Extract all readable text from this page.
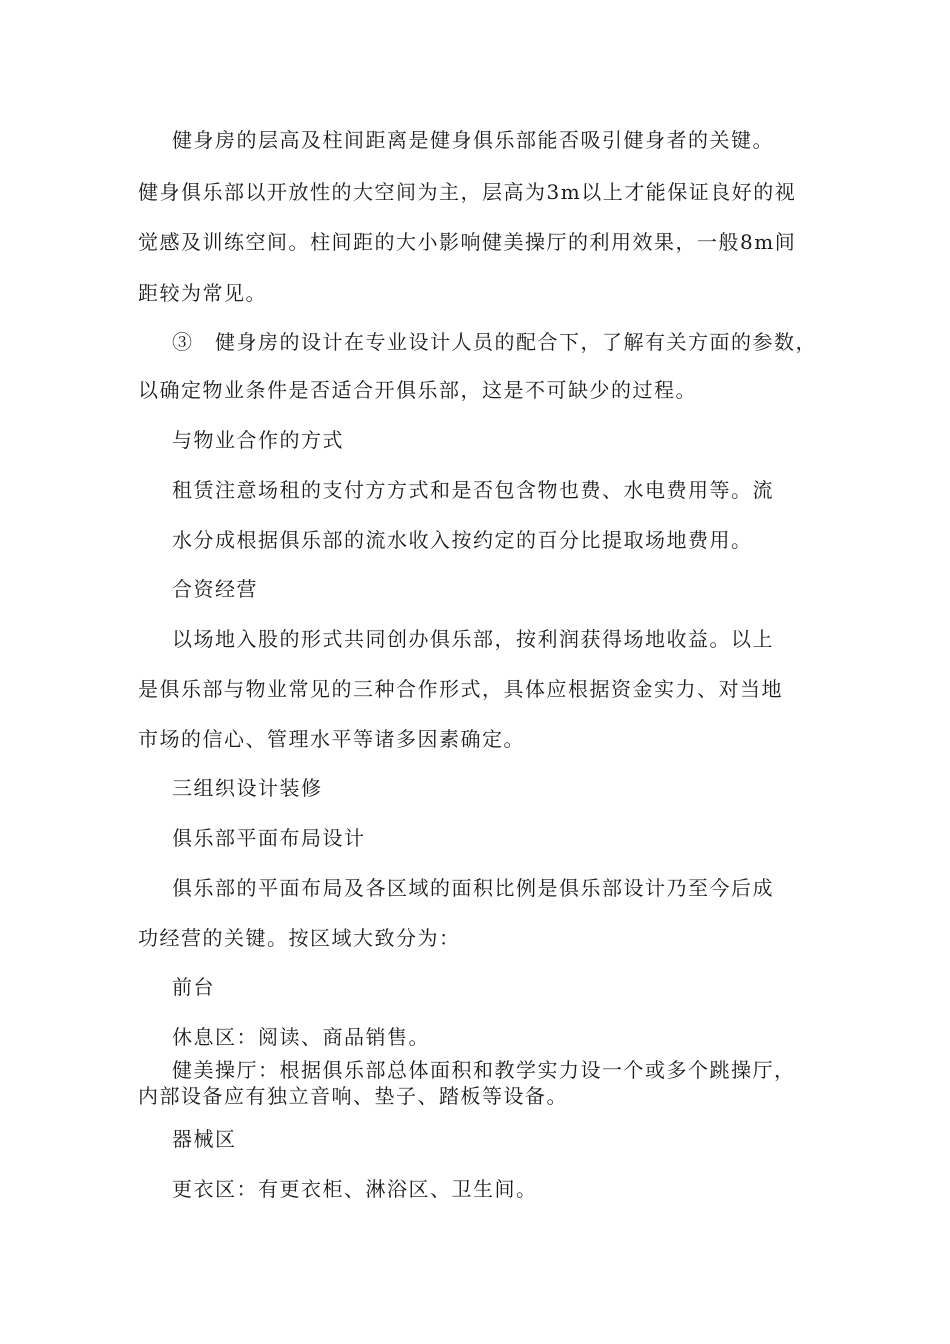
健身房的层高及柱间距离是健身俱乐部能否吸引健身者的关键。
健身俱乐部以开放性的大空间为主，层高为3m以上才能保证良好的视
觉感及训练空间。柱间距的大小影响健美操厅的利用效果，一般8m间
距较为常见。
③　健身房的设计在专业设计人员的配合下，了解有关方面的参数，
以确定物业条件是否适合开俱乐部，这是不可缺少的过程。
与物业合作的方式
租赁注意场租的支付方方式和是否包含物也费、水电费用等。流
水分成根据俱乐部的流水收入按约定的百分比提取场地费用。
合资经营
以场地入股的形式共同创办俱乐部，按利润获得场地收益。以上
是俱乐部与物业常见的三种合作形式，具体应根据资金实力、对当地
市场的信心、管理水平等诸多因素确定。
三组织设计装修
俱乐部平面布局设计
俱乐部的平面布局及各区域的面积比例是俱乐部设计乃至今后成
功经营的关键。按区域大致分为：
前台
休息区：阅读、商品销售。
健美操厅：根据俱乐部总体面积和教学实力设一个或多个跳操厅，
内部设备应有独立音响、垫子、踏板等设备。
器械区
更衣区：有更衣柜、淋浴区、卫生间。
